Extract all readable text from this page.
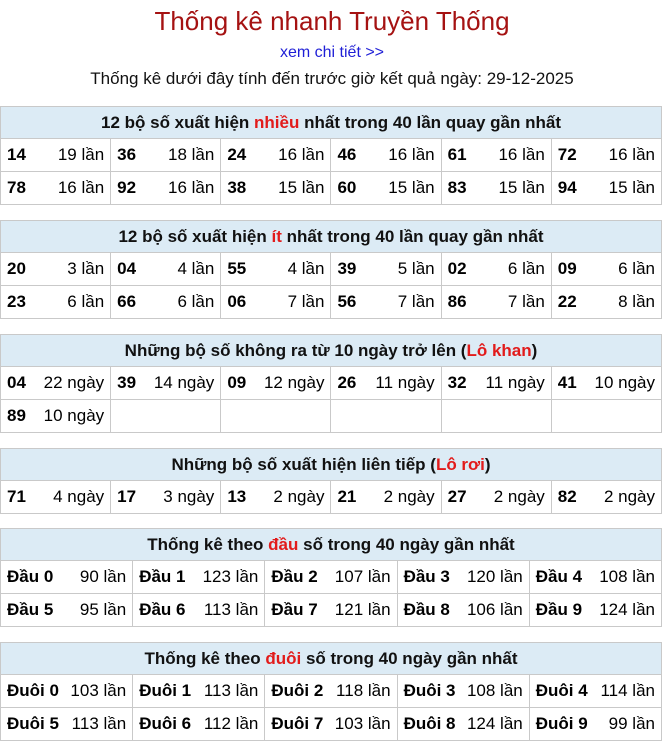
Thống kê nhanh Truyền Thống
xem chi tiết >>
Thống kê dưới đây tính đến trước giờ kết quả ngày: 29-12-2025
12 bộ số xuất hiện nhiều nhất trong 40 lần quay gần nhất					
14 19 lần	36 18 lần	24 16 lần	46 16 lần	61 16 lần	72 16 lần

78 16 lần	92 16 lần	38 15 lần	60 15 lần	83 15 lần	94 15 lần
12 bộ số xuất hiện ít nhất trong 40 lần quay gần nhất					
20 3 lần	04 4 lần	55 4 lần	39 5 lần	02 6 lần	09 6 lần

23 6 lần	66 6 lần	06 7 lần	56 7 lần	86 7 lần	22 8 lần
Những bộ số không ra từ 10 ngày trở lên (Lô khan)					
04 22 ngày	39 14 ngày	09 12 ngày	26 11 ngày	32 11 ngày	41 10 ngày

89 10 ngày					

Những bộ số xuất hiện liên tiếp (Lô rơi)
71 4 ngày	17 3 ngày	13 2 ngày	21 2 ngày	27 2 ngày	82 2 ngày
Thống kê theo đầu số trong 40 ngày gần nhất				
Đầu 0 90 lần	Đầu 1 123 lần	Đầu 2 107 lần	Đầu 3 120 lần	Đầu 4 108 lần

Đầu 5 95 lần	Đầu 6 113 lần	Đầu 7 121 lần	Đầu 8 106 lần	Đầu 9 124 lần
Thống kê theo đuôi số trong 40 ngày gần nhất				
Đuôi 0 103 lần	Đuôi 1 113 lần	Đuôi 2 118 lần	Đuôi 3 108 lần	Đuôi 4 114 lần

Đuôi 5 113 lần	Đuôi 6 112 lần	Đuôi 7 103 lần	Đuôi 8 124 lần	Đuôi 9 99 lần
